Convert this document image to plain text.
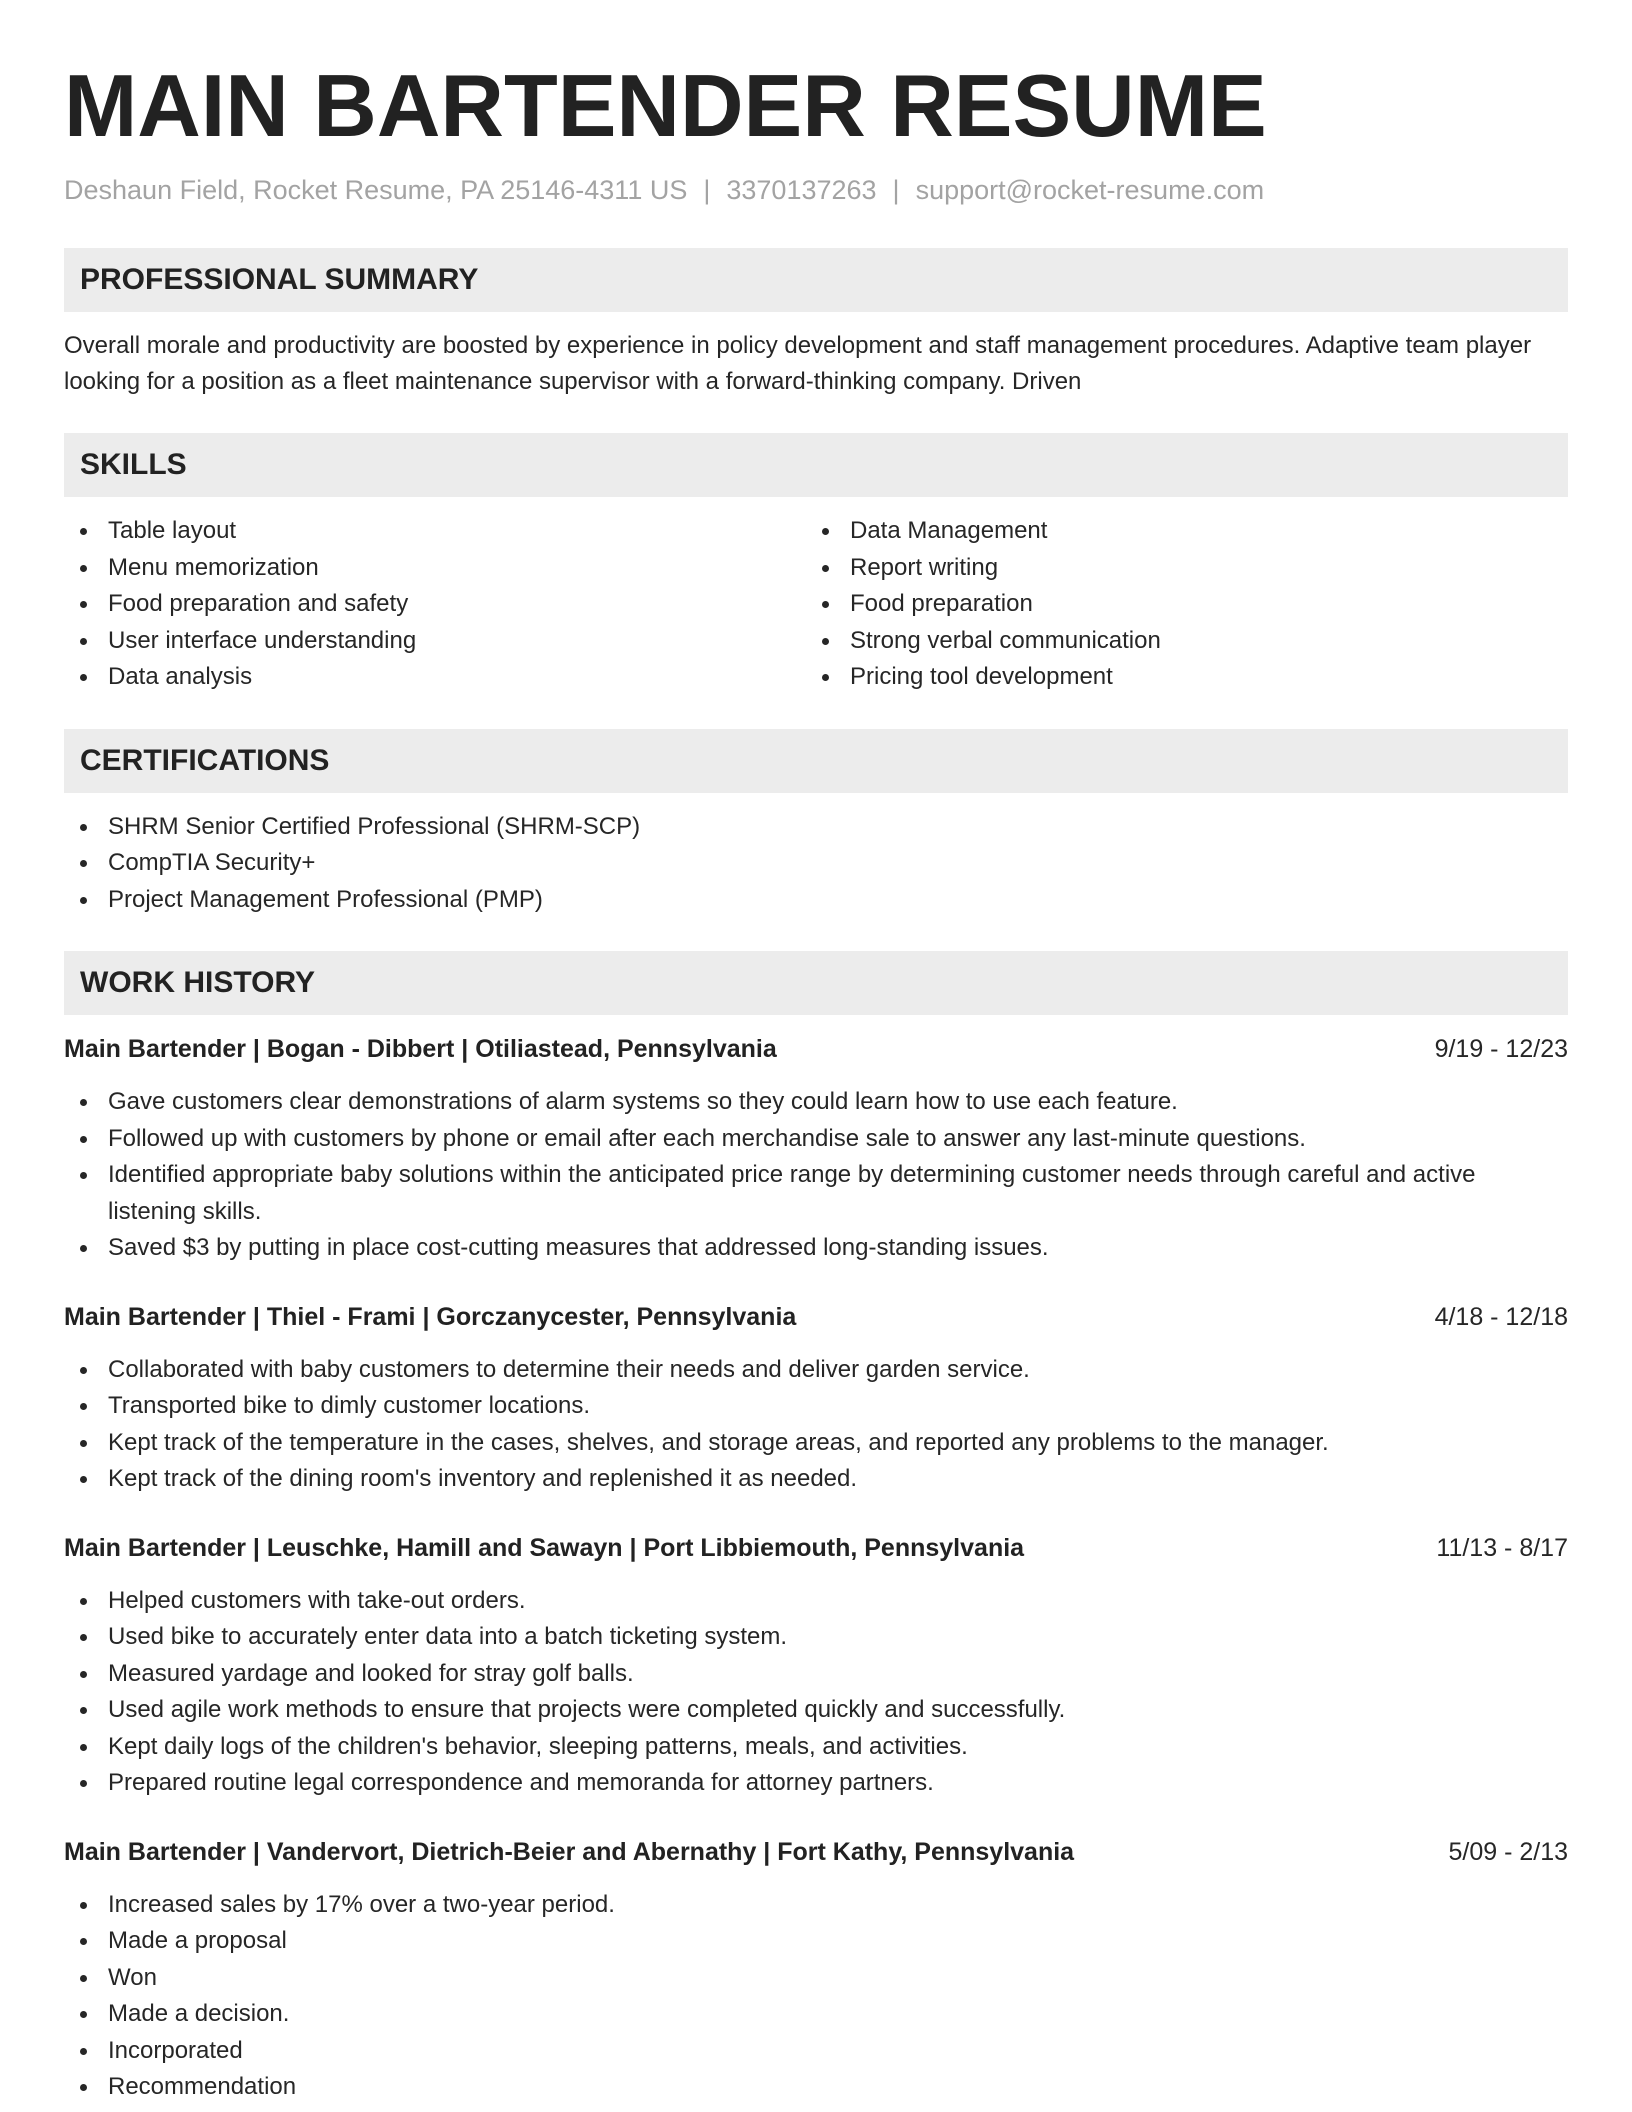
MAIN BARTENDER RESUME
Deshaun Field, Rocket Resume, PA 25146-4311 US | 3370137263 | support@rocket-resume.com
PROFESSIONAL SUMMARY

Overall morale and productivity are boosted by experience in policy development and staff management procedures. Adaptive team player looking for a position as a fleet maintenance supervisor with a forward-thinking company. Driven

SKILLS
Table layout
Menu memorization
Food preparation and safety
User interface understanding
Data analysis
Data Management
Report writing
Food preparation
Strong verbal communication
Pricing tool development
CERTIFICATIONS
SHRM Senior Certified Professional (SHRM-SCP)
CompTIA Security+
Project Management Professional (PMP)
WORK HISTORY
Main Bartender | Bogan - Dibbert | Otiliastead, Pennsylvania	9/19 - 12/23
Gave customers clear demonstrations of alarm systems so they could learn how to use each feature.
Followed up with customers by phone or email after each merchandise sale to answer any last-minute questions.
Identified appropriate baby solutions within the anticipated price range by determining customer needs through careful and active listening skills.
Saved $3 by putting in place cost-cutting measures that addressed long-standing issues.
Main Bartender | Thiel - Frami | Gorczanycester, Pennsylvania	4/18 - 12/18
Collaborated with baby customers to determine their needs and deliver garden service.
Transported bike to dimly customer locations.
Kept track of the temperature in the cases, shelves, and storage areas, and reported any problems to the manager.
Kept track of the dining room's inventory and replenished it as needed.
Main Bartender | Leuschke, Hamill and Sawayn | Port Libbiemouth, Pennsylvania	11/13 - 8/17
Helped customers with take-out orders.
Used bike to accurately enter data into a batch ticketing system.
Measured yardage and looked for stray golf balls.
Used agile work methods to ensure that projects were completed quickly and successfully.
Kept daily logs of the children's behavior, sleeping patterns, meals, and activities.
Prepared routine legal correspondence and memoranda for attorney partners.
Main Bartender | Vandervort, Dietrich-Beier and Abernathy | Fort Kathy, Pennsylvania	5/09 - 2/13
Increased sales by 17% over a two-year period.
Made a proposal
Won
Made a decision.
Incorporated
Recommendation
